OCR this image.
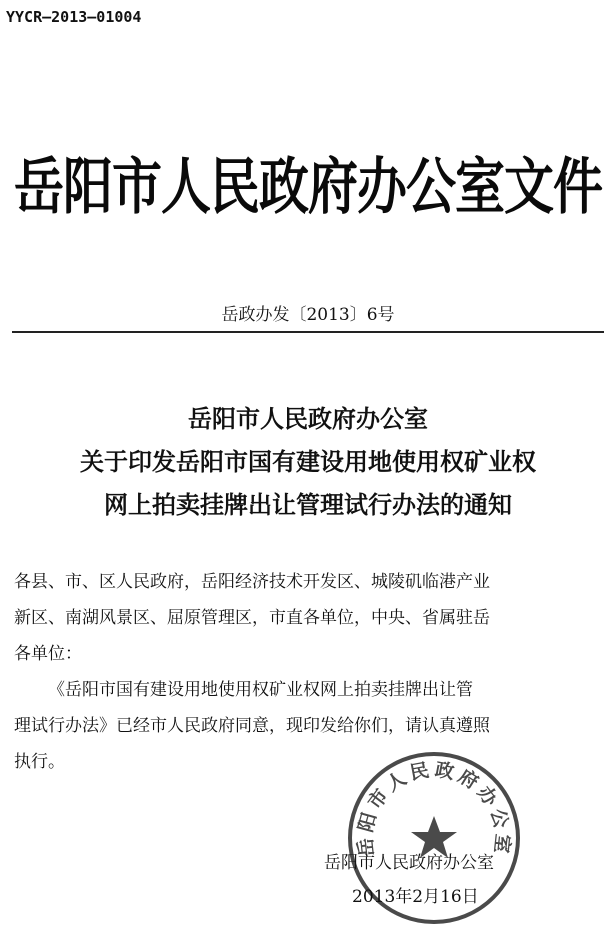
YYCR—2013—01004
岳阳市人民政府办公室文件
岳政办发〔2013〕6号
岳阳市人民政府办公室
关于印发岳阳市国有建设用地使用权矿业权
网上拍卖挂牌出让管理试行办法的通知

各县、市、区人民政府，岳阳经济技术开发区、城陵矶临港产业
新区、南湖风景区、屈原管理区，市直各单位，中央、省属驻岳
各单位：

《岳阳市国有建设用地使用权矿业权网上拍卖挂牌出让管
理试行办法》已经市人民政府同意，现印发给你们，请认真遵照
执行。

岳阳市人民政府办公室
岳阳市人民政府办公室
2013年2月16日
